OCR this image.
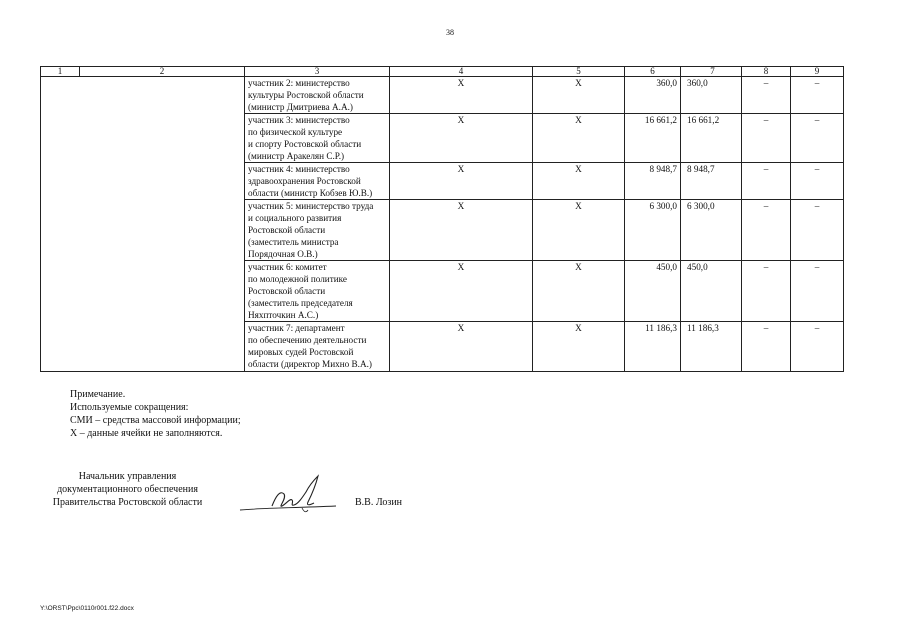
38
1	2	3	4	5	6	7	8	9
		участник 2: министерство
культуры Ростовской области
(министр Дмитриева А.А.)	Х	Х	360,0	360,0	–	–
		участник 3: министерство
по физической культуре
и спорту Ростовской области
(министр Аракелян С.Р.)	Х	Х	16 661,2	16 661,2	–	–
		участник 4: министерство
здравоохранения Ростовской
области (министр Кобзев Ю.В.)	Х	Х	8 948,7	8 948,7	–	–
		участник 5: министерство труда
и социального развития
Ростовской области
(заместитель министра
Порядочная О.В.)	Х	Х	6 300,0	6 300,0	–	–
		участник 6: комитет
по молодежной политике
Ростовской области
(заместитель председателя
Няхпточкин А.С.)	Х	Х	450,0	450,0	–	–
		участник 7: департамент
по обеспечению деятельности
мировых судей Ростовской
области (директор Михно В.А.)	Х	Х	11 186,3	11 186,3	–	–
Примечание.
Используемые сокращения:
СМИ – средства массовой информации;
Х – данные ячейки не заполняются.
Начальник управления
документационного обеспечения
Правительства Ростовской области	В.В. Лозин
Y:\ORST\Ppc\0110r001.f22.docx
